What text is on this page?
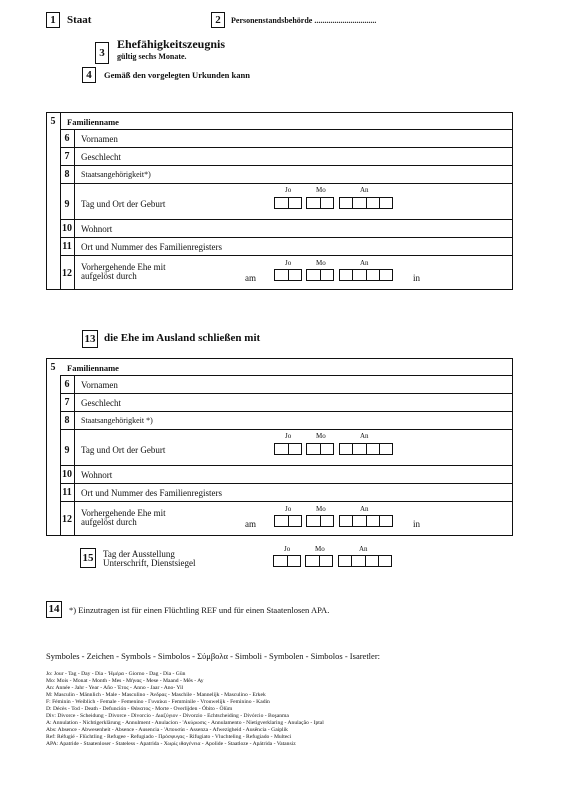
1	Staat	2	Personenstandsbehörde ...............................
3
Ehefähigkeitszeugnis
gültig sechs Monate.
4	Gemäß den vorgelegten Urkunden kann
5	Familienname
6	Vornamen
7	Geschlecht
8	Staatsangehörigkeit*)
9	Tag und Ort der Geburt
Jo	Mo	An
10 Wohnort
11 Ort und Nummer des Familienregisters
12
Vorhergehende Ehe mit
aufgelöst durch	am
Jo	Mo	An
in
13 die Ehe im Ausland schließen mit
5	Familienname
6	Vornamen
7	Geschlecht
8	Staatsangehörigkeit *)
9	Tag und Ort der Geburt
Jo	Mo	An
10 Wohnort
11 Ort und Nummer des Familienregisters
12
Vorhergehende Ehe mit
aufgelöst durch	am
Jo	Mo	An
in
15 Tag der Ausstellung
Unterschrift, Dienstsiegel
Jo	Mo	An
14 *) Einzutragen ist für einen Flüchtling REF und für einen Staatenlosen APA.
Symboles - Zeichen - Symbols - Simbolos - Σύμβολα - Simboli - Symbolen - Simbolos - Isaretler:
Jo: Jour - Tag - Day - Dia - 'Ημέρα - Giorno - Dag - Dia - Gün
Mo: Mois - Monat - Month - Mes - Μήνας - Mese - Maand - Mês - Ay
An: Année - Jahr - Year - Año - Έτος - Anno - Jaar - Ano- Yil
M: Masculin - Männlich - Male - Masculino - Άνδρας - Maschile - Mannelijk - Masculino - Erkek
F: Féminin - Weiblich - Female - Femenino - Γυναίκα - Femminile - Vrouwelijk - Feminino - Kadin
D: Décès - Tod - Death - Defunción - Θάνατος - Morte - Overlijden - Óbito - Ölüm
Div: Divorce - Scheidung - Divorce - Divorcio - Διαζύγιον - Divorzio - Echtscheiding - Divórcio - Boşanma
A: Annulation - Nichtigerklärung - Annulment - Anulacion - 'Ακύρωσις - Annulamento - Nietigverklaring - Anulação - Iptal
Abs: Absence - Abwesenheit - Absence - Ausencia - 'Απουσία - Assenza - Afwezigheid - Ausência - Gaiplik
Ref: Réfugié - Flüchtling - Refugee - Refugiado - Πρόσφυγας - Rifugiato - Vluchteling - Refugiado - Multeci
APA: Apatride - Staatenloser - Stateless - Apatrida - Χωρίς ιθαγένεια - Apolide - Staatloze - Apátrida - Vatansiz
